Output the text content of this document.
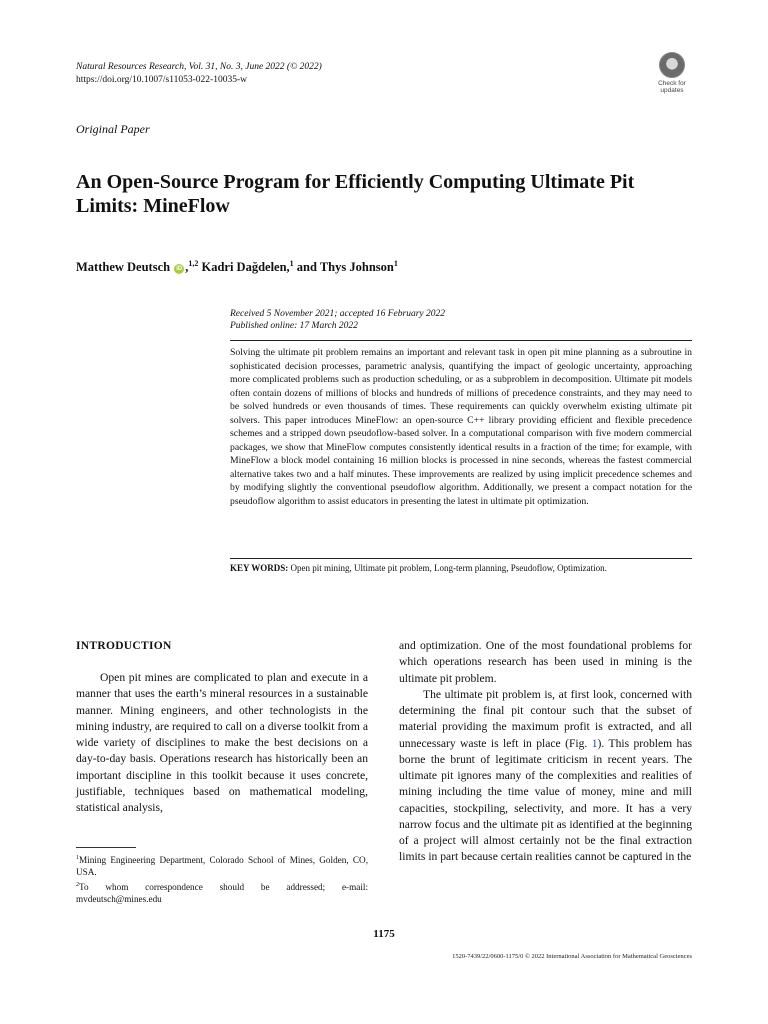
Natural Resources Research, Vol. 31, No. 3, June 2022 (© 2022)
https://doi.org/10.1007/s11053-022-10035-w	Check for updates
Original Paper
An Open-Source Program for Efficiently Computing Ultimate Pit Limits: MineFlow
Matthew Deutsch iD ,$^{1,2}$ Kadri Dağdelen,$^1$ and Thys Johnson$^1$
Received 5 November 2021; accepted 16 February 2022
Published online: 17 March 2022
Solving the ultimate pit problem remains an important and relevant task in open pit mine planning as a subroutine in sophisticated decision processes, parametric analysis, quantifying the impact of geologic uncertainty, approaching more complicated problems such as production scheduling, or as a subproblem in decomposition. Ultimate pit models often contain dozens of millions of blocks and hundreds of millions of precedence constraints, and they may need to be solved hundreds or even thousands of times. These requirements can quickly overwhelm existing ultimate pit solvers. This paper introduces MineFlow: an open-source C++ library providing efficient and flexible precedence schemes and a stripped down pseudoflow-based solver. In a computational comparison with five modern commercial packages, we show that MineFlow computes consistently identical results in a fraction of the time; for example, with MineFlow a block model containing 16 million blocks is processed in nine seconds, whereas the fastest commercial alternative takes two and a half minutes. These improvements are realized by using implicit precedence schemes and by modifying slightly the conventional pseudoflow algorithm. Additionally, we present a compact notation for the pseudoflow algorithm to assist educators in presenting the latest in ultimate pit optimization.
KEY WORDS: Open pit mining, Ultimate pit problem, Long-term planning, Pseudoflow, Optimization.
INTRODUCTION
Open pit mines are complicated to plan and execute in a manner that uses the earth’s mineral resources in a sustainable manner. Mining engineers, and other technologists in the mining industry, are required to call on a diverse toolkit from a wide variety of disciplines to make the best decisions on a day-to-day basis. Operations research has historically been an important discipline in this toolkit because it uses concrete, justifiable, techniques based on mathematical modeling, statistical analysis,

and optimization. One of the most foundational problems for which operations research has been used in mining is the ultimate pit problem.

The ultimate pit problem is, at first look, concerned with determining the final pit contour such that the subset of material providing the maximum profit is extracted, and all unnecessary waste is left in place (Fig. 1). This problem has borne the brunt of legitimate criticism in recent years. The ultimate pit ignores many of the complexities and realities of mining including the time value of money, mine and mill capacities, stockpiling, selectivity, and more. It has a very narrow focus and the ultimate pit as identified at the beginning of a project will almost certainly not be the final extraction limits in part because certain realities cannot be captured in the

$^1$Mining Engineering Department, Colorado School of Mines, Golden, CO, USA.
$^2$To whom correspondence should be addressed; e-mail: mvdeutsch@mines.edu
1175
1520-7439/22/0600-1175/0 © 2022 International Association for Mathematical Geosciences
